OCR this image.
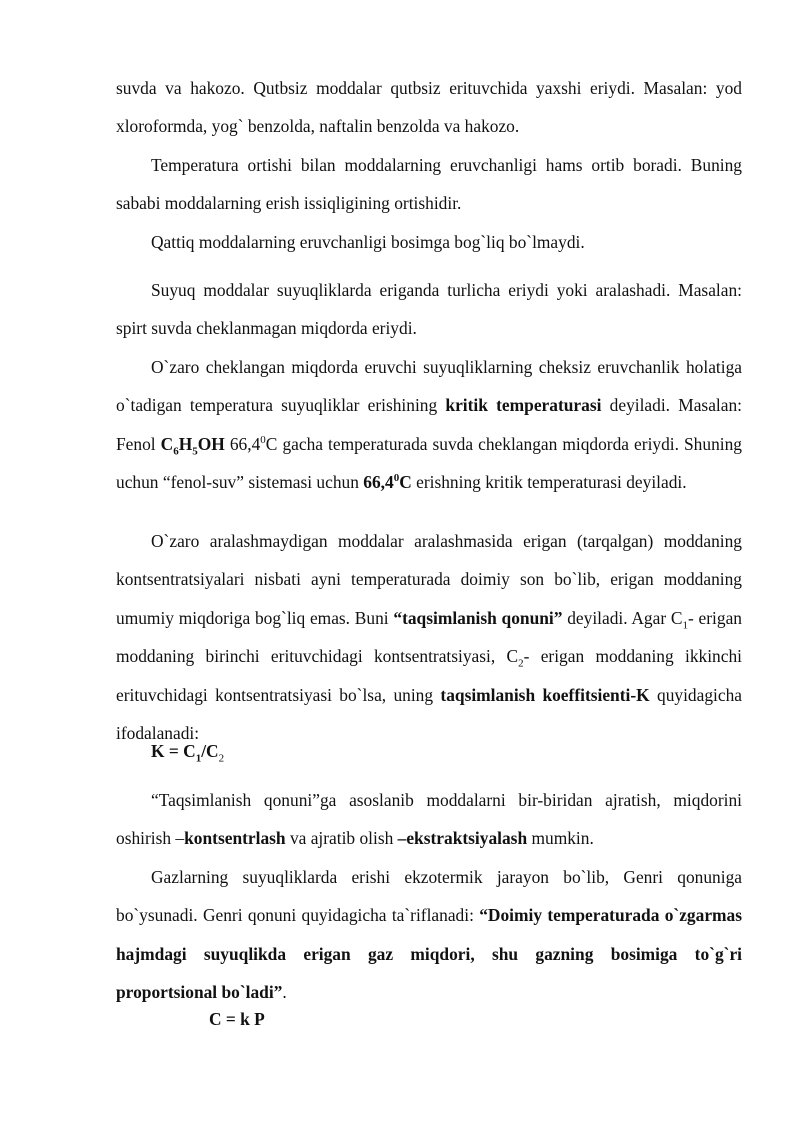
suvda va hakozo. Qutbsiz moddalar qutbsiz erituvchida yaxshi eriydi. Masalan: yod xloroformda, yog` benzolda, naftalin benzolda va hakozo.

Temperatura ortishi bilan moddalarning eruvchanligi hams ortib boradi. Buning sababi moddalarning erish issiqligining ortishidir.

Qattiq moddalarning eruvchanligi bosimga bog`liq bo`lmaydi.

Suyuq moddalar suyuqliklarda eriganda turlicha eriydi yoki aralashadi. Masalan: spirt suvda cheklanmagan miqdorda eriydi.

O`zaro cheklangan miqdorda eruvchi suyuqliklarning cheksiz eruvchanlik holatiga o`tadigan temperatura suyuqliklar erishining kritik temperaturasi deyiladi. Masalan: Fenol $C_6H_5OH$ 66,4$^0$C gacha temperaturada suvda cheklangan miqdorda eriydi. Shuning uchun “fenol-suv” sistemasi uchun 66,4$^0$C erishning kritik temperaturasi deyiladi.

O`zaro aralashmaydigan moddalar aralashmasida erigan (tarqalgan) moddaning kontsentratsiyalari nisbati ayni temperaturada doimiy son bo`lib, erigan moddaning umumiy miqdoriga bog`liq emas. Buni “taqsimlanish qonuni” deyiladi. Agar $C_1-$ erigan moddaning birinchi erituvchidagi kontsentratsiyasi, $C_2-$ erigan moddaning ikkinchi erituvchidagi kontsentratsiyasi bo`lsa, uning taqsimlanish koeffitsienti-K quyidagicha ifodalanadi:

$K = C_1/C_2$

“Taqsimlanish qonuni”ga asoslanib moddalarni bir-biridan ajratish, miqdorini oshirish –kontsentrlash va ajratib olish –ekstraktsiyalash mumkin.

Gazlarning suyuqliklarda erishi ekzotermik jarayon bo`lib, Genri qonuniga bo`ysunadi. Genri qonuni quyidagicha ta`riflanadi: “Doimiy temperaturada o`zgarmas hajmdagi suyuqlikda erigan gaz miqdori, shu gazning bosimiga to`g`ri proportsional bo`ladi”.

C = k P
